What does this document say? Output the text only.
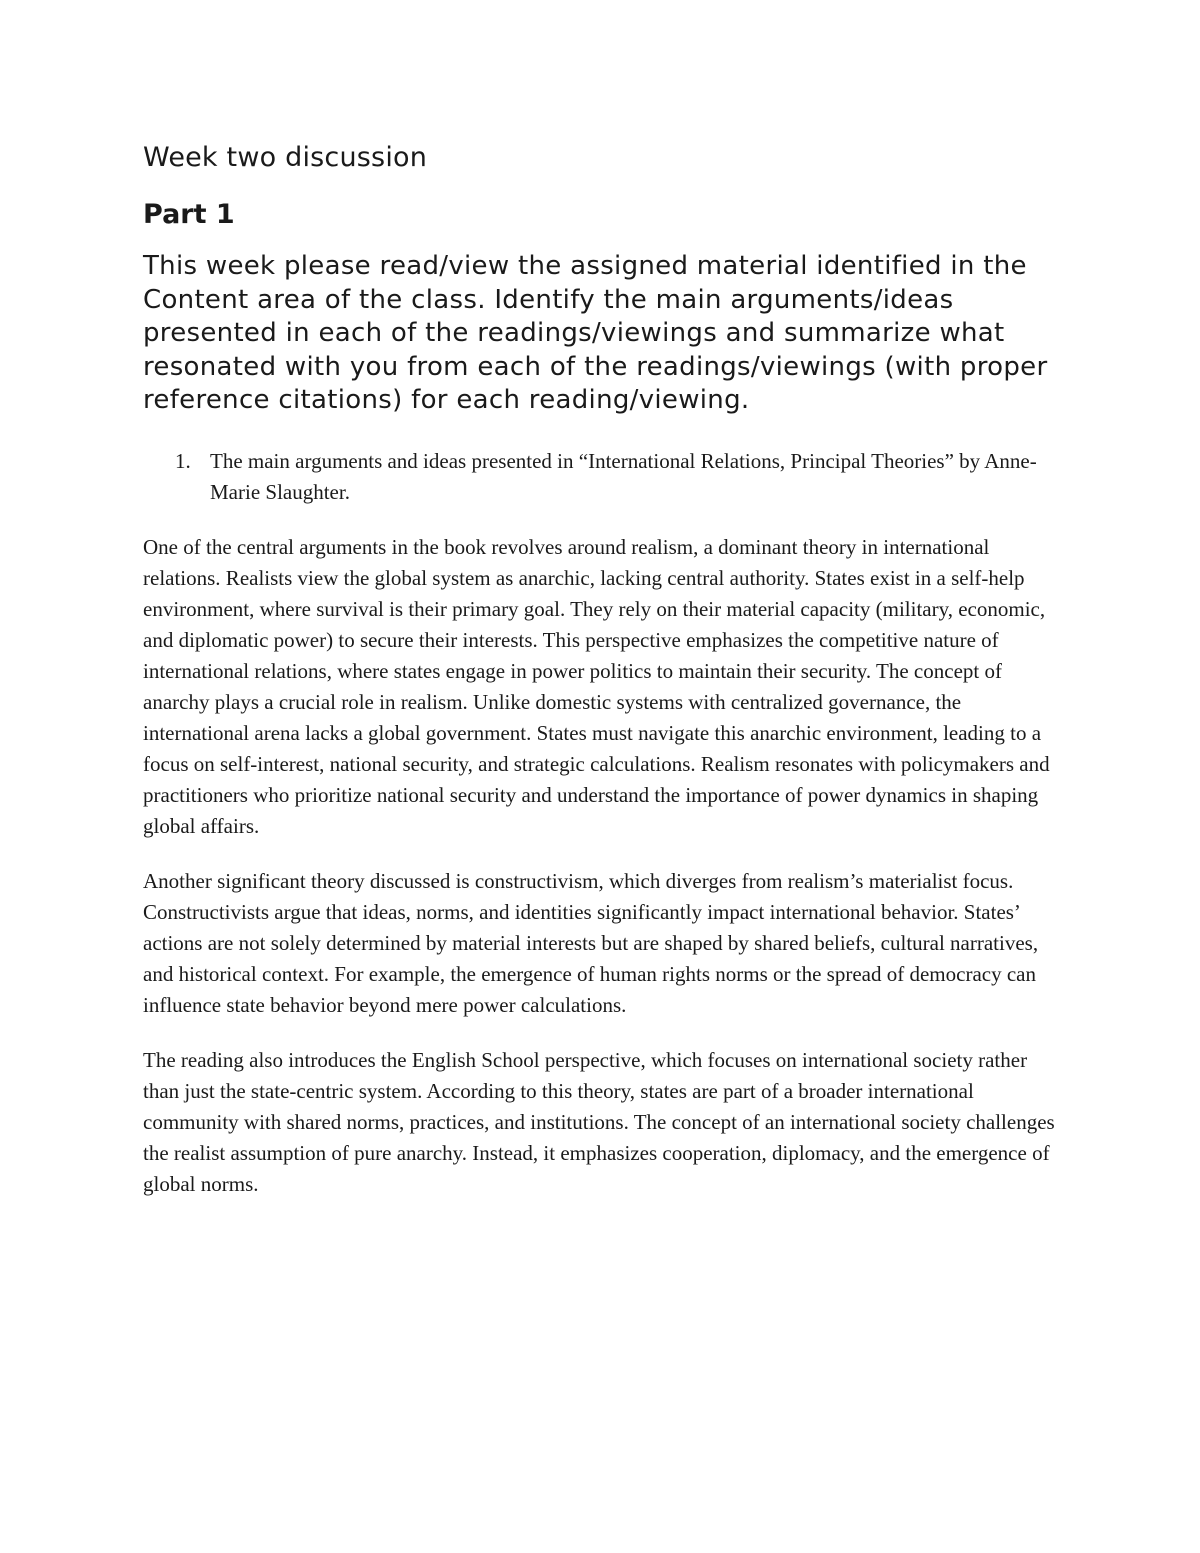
Week two discussion
Part 1

This week please read/view the assigned material identified in the Content area of the class. Identify the main arguments/ideas presented in each of the readings/viewings and summarize what resonated with you from each of the readings/viewings (with proper reference citations) for each reading/viewing.

1. The main arguments and ideas presented in “International Relations, Principal Theories” by Anne-Marie Slaughter.

One of the central arguments in the book revolves around realism, a dominant theory in international relations. Realists view the global system as anarchic, lacking central authority. States exist in a self-help environment, where survival is their primary goal. They rely on their material capacity (military, economic, and diplomatic power) to secure their interests. This perspective emphasizes the competitive nature of international relations, where states engage in power politics to maintain their security. The concept of anarchy plays a crucial role in realism. Unlike domestic systems with centralized governance, the international arena lacks a global government. States must navigate this anarchic environment, leading to a focus on self-interest, national security, and strategic calculations. Realism resonates with policymakers and practitioners who prioritize national security and understand the importance of power dynamics in shaping global affairs.

Another significant theory discussed is constructivism, which diverges from realism’s materialist focus. Constructivists argue that ideas, norms, and identities significantly impact international behavior. States’ actions are not solely determined by material interests but are shaped by shared beliefs, cultural narratives, and historical context. For example, the emergence of human rights norms or the spread of democracy can influence state behavior beyond mere power calculations.

The reading also introduces the English School perspective, which focuses on international society rather than just the state-centric system. According to this theory, states are part of a broader international community with shared norms, practices, and institutions. The concept of an international society challenges the realist assumption of pure anarchy. Instead, it emphasizes cooperation, diplomacy, and the emergence of global norms.
